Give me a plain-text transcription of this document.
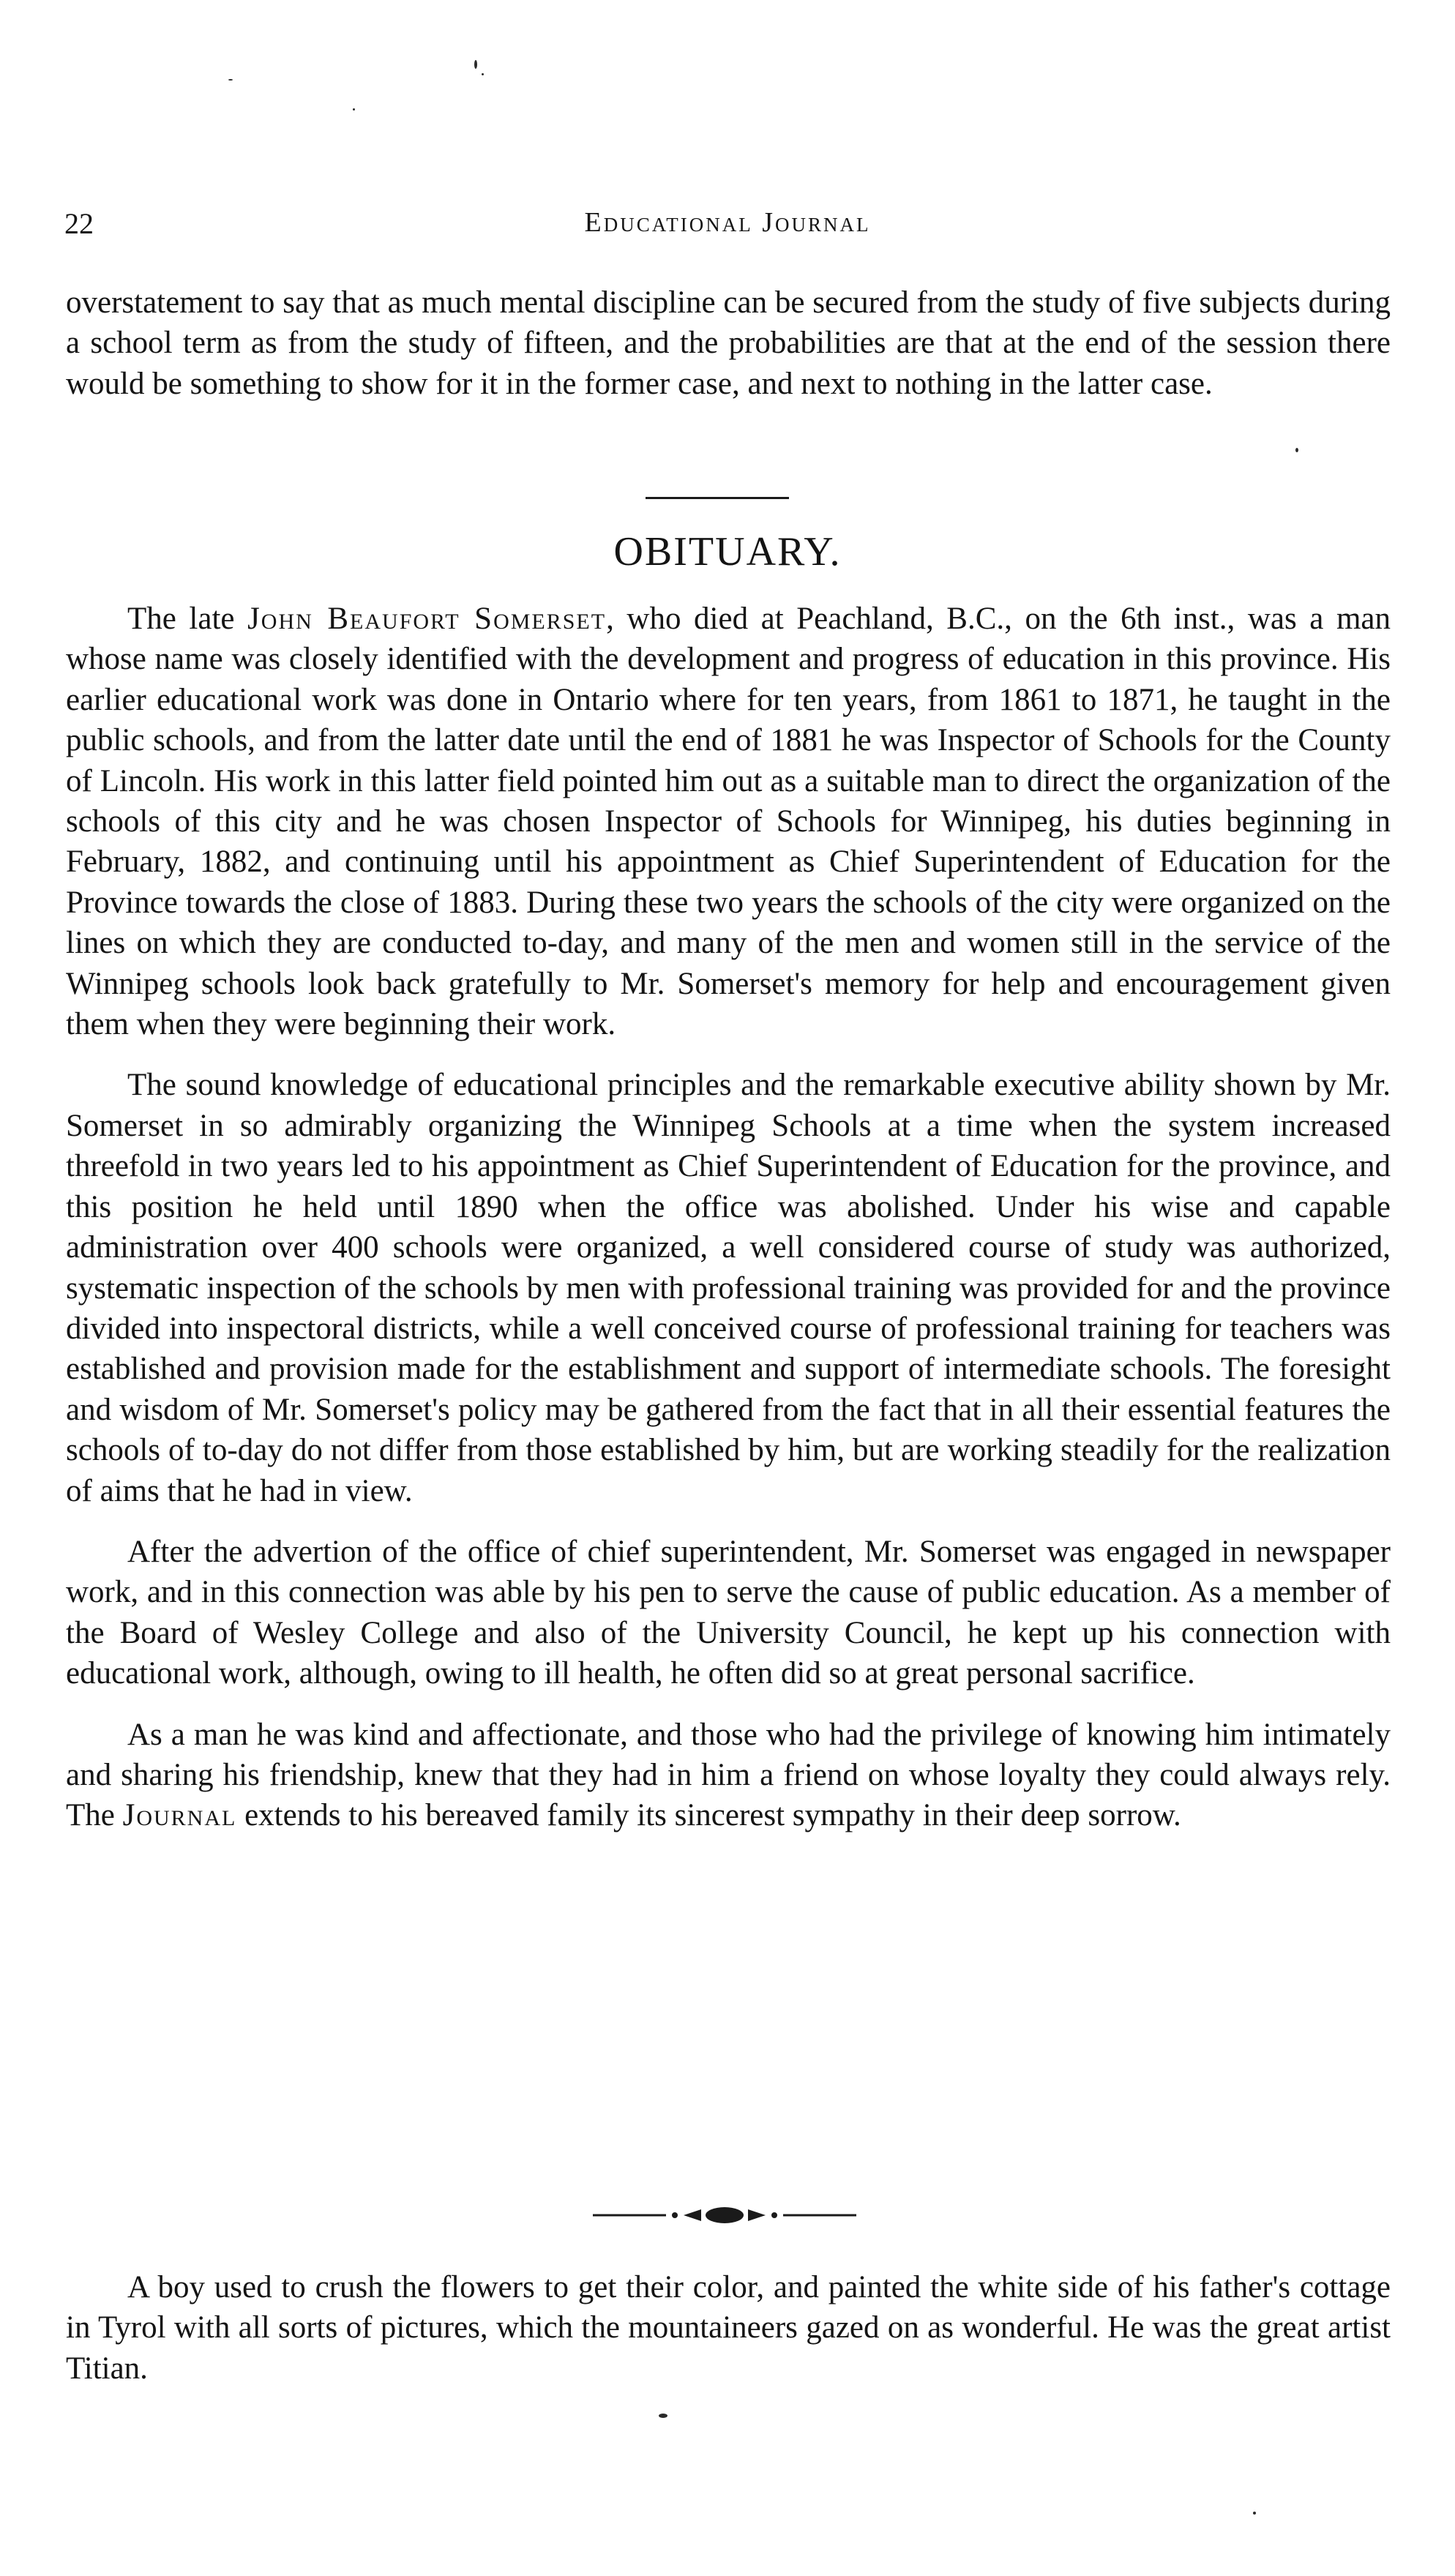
22	Educational Journal

overstatement to say that as much mental discipline can be secured from the study of five subjects during a school term as from the study of fifteen, and the probabilities are that at the end of the session there would be something to show for it in the former case, and next to nothing in the latter case.

OBITUARY.

The late John Beaufort Somerset, who died at Peachland, B.C., on the 6th inst., was a man whose name was closely identified with the development and progress of education in this province. His earlier educational work was done in Ontario where for ten years, from 1861 to 1871, he taught in the public schools, and from the latter date until the end of 1881 he was Inspector of Schools for the County of Lincoln. His work in this latter field pointed him out as a suitable man to direct the organization of the schools of this city and he was chosen Inspector of Schools for Winnipeg, his duties beginning in February, 1882, and continuing until his appointment as Chief Superintendent of Education for the Province towards the close of 1883. During these two years the schools of the city were organized on the lines on which they are conducted to-day, and many of the men and women still in the service of the Winnipeg schools look back gratefully to Mr. Somerset's memory for help and encouragement given them when they were beginning their work.

The sound knowledge of educational principles and the remarkable executive ability shown by Mr. Somerset in so admirably organizing the Winnipeg Schools at a time when the system increased threefold in two years led to his appointment as Chief Superintendent of Education for the province, and this position he held until 1890 when the office was abolished. Under his wise and capable administration over 400 schools were organized, a well considered course of study was authorized, systematic inspection of the schools by men with professional training was provided for and the province divided into inspectoral districts, while a well conceived course of professional training for teachers was established and provision made for the establishment and support of intermediate schools. The foresight and wisdom of Mr. Somerset's policy may be gathered from the fact that in all their essential features the schools of to-day do not differ from those established by him, but are working steadily for the realization of aims that he had in view.

After the advertion of the office of chief superintendent, Mr. Somerset was engaged in newspaper work, and in this connection was able by his pen to serve the cause of public education. As a member of the Board of Wesley College and also of the University Council, he kept up his connection with educational work, although, owing to ill health, he often did so at great personal sacrifice.

As a man he was kind and affectionate, and those who had the privilege of knowing him intimately and sharing his friendship, knew that they had in him a friend on whose loyalty they could always rely. The Journal extends to his bereaved family its sincerest sympathy in their deep sorrow.

A boy used to crush the flowers to get their color, and painted the white side of his father's cottage in Tyrol with all sorts of pictures, which the mountaineers gazed on as wonderful. He was the great artist Titian.
